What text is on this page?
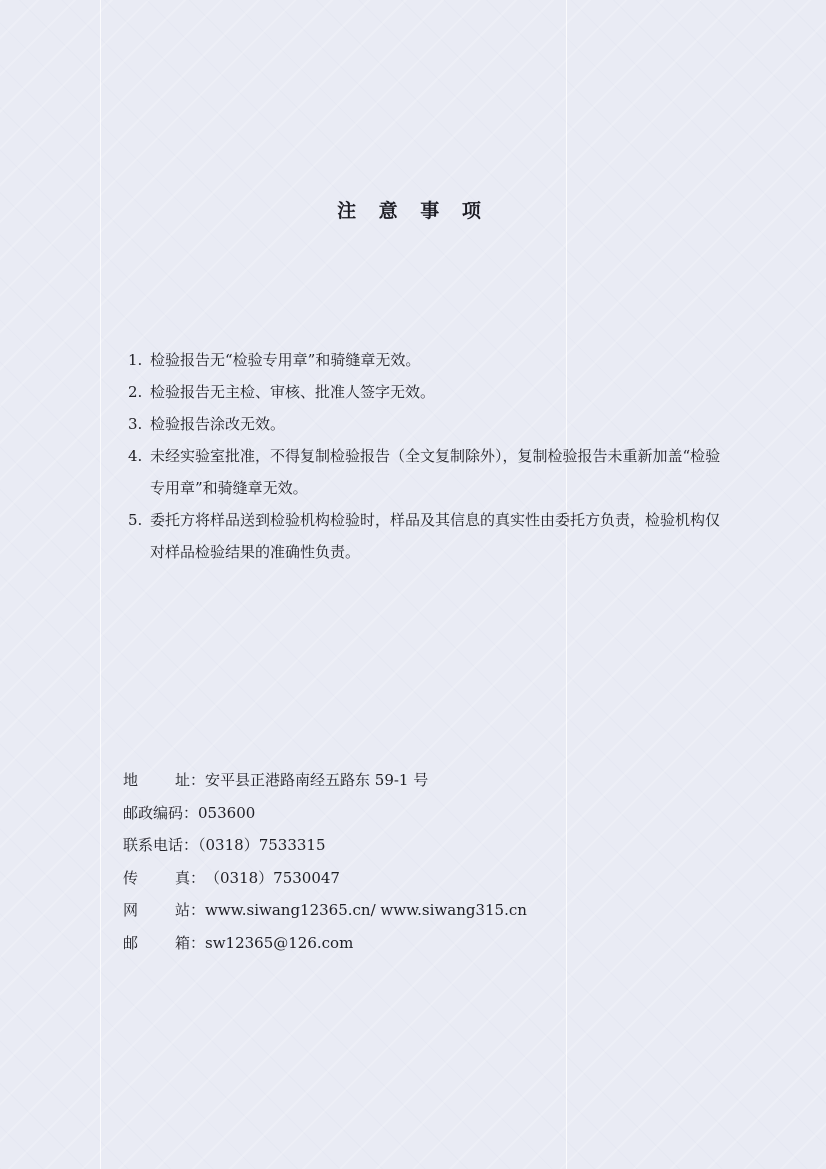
注 意 事 项
1. 检验报告无“检验专用章”和骑缝章无效。
2. 检验报告无主检、审核、批准人签字无效。
3. 检验报告涂改无效。
4. 未经实验室批准，不得复制检验报告（全文复制除外），复制检验报告未重新加盖“检验专用章”和骑缝章无效。
5. 委托方将样品送到检验机构检验时，样品及其信息的真实性由委托方负责，检验机构仅对样品检验结果的准确性负责。
地 址：安平县正港路南经五路东 59-1 号
邮政编码：053600
联系电话：（0318）7533315
传 真：（0318）7530047
网 站：www.siwang12365.cn/ www.siwang315.cn
邮 箱：sw12365@126.com
